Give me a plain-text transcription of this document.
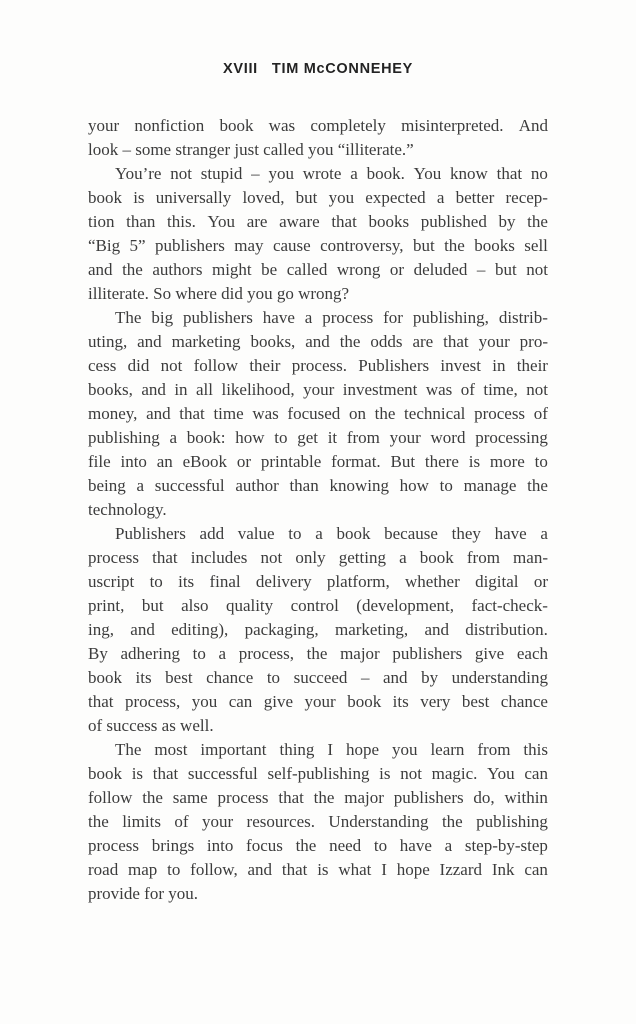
XVIII TIM McCONNEHEY
your nonfiction book was completely misinterpreted. And
look – some stranger just called you “illiterate.”
You’re not stupid – you wrote a book. You know that no
book is universally loved, but you expected a better recep-
tion than this. You are aware that books published by the
“Big 5” publishers may cause controversy, but the books sell
and the authors might be called wrong or deluded – but not
illiterate. So where did you go wrong?
The big publishers have a process for publishing, distrib-
uting, and marketing books, and the odds are that your pro-
cess did not follow their process. Publishers invest in their
books, and in all likelihood, your investment was of time, not
money, and that time was focused on the technical process of
publishing a book: how to get it from your word processing
file into an eBook or printable format. But there is more to
being a successful author than knowing how to manage the
technology.
Publishers add value to a book because they have a
process that includes not only getting a book from man-
uscript to its final delivery platform, whether digital or
print, but also quality control (development, fact-check-
ing, and editing), packaging, marketing, and distribution.
By adhering to a process, the major publishers give each
book its best chance to succeed – and by understanding
that process, you can give your book its very best chance
of success as well.
The most important thing I hope you learn from this
book is that successful self-publishing is not magic. You can
follow the same process that the major publishers do, within
the limits of your resources. Understanding the publishing
process brings into focus the need to have a step-by-step
road map to follow, and that is what I hope Izzard Ink can
provide for you.
